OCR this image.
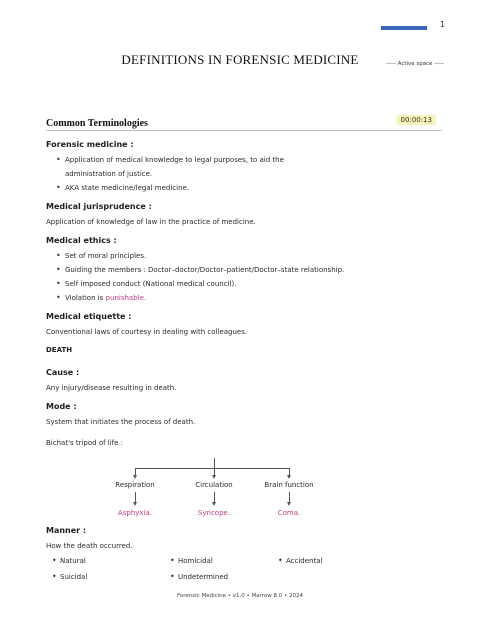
1
DEFINITIONS IN FORENSIC MEDICINE	----- Active space -----
Common Terminologies	00:00:13
Forensic medicine :
• Application of medical knowledge to legal purposes, to aid the
administration of justice.
• AKA state medicine/legal medicine.
Medical jurisprudence :

Application of knowledge of law in the practice of medicine.

Medical ethics :
• Set of moral principles.
• Guiding the members : Doctor–doctor/Doctor–patient/Doctor–state relationship.
• Self imposed conduct (National medical council).
• Violation is punishable.
Medical etiquette :

Conventional laws of courtesy in dealing with colleagues.

DEATH

Cause :

Any injury/disease resulting in death.

Mode :

System that initiates the process of death.

Bichat's tripod of life :

Respiration	Circulation	Brain function
Asphyxia.	Syncope.	Coma.
Manner :

How the death occurred.

• Natural	• Homicidal	• Accidental
• Suicidal	• Undetermined
Forensic Medicine • v1.0 • Marrow 8.0 • 2024
